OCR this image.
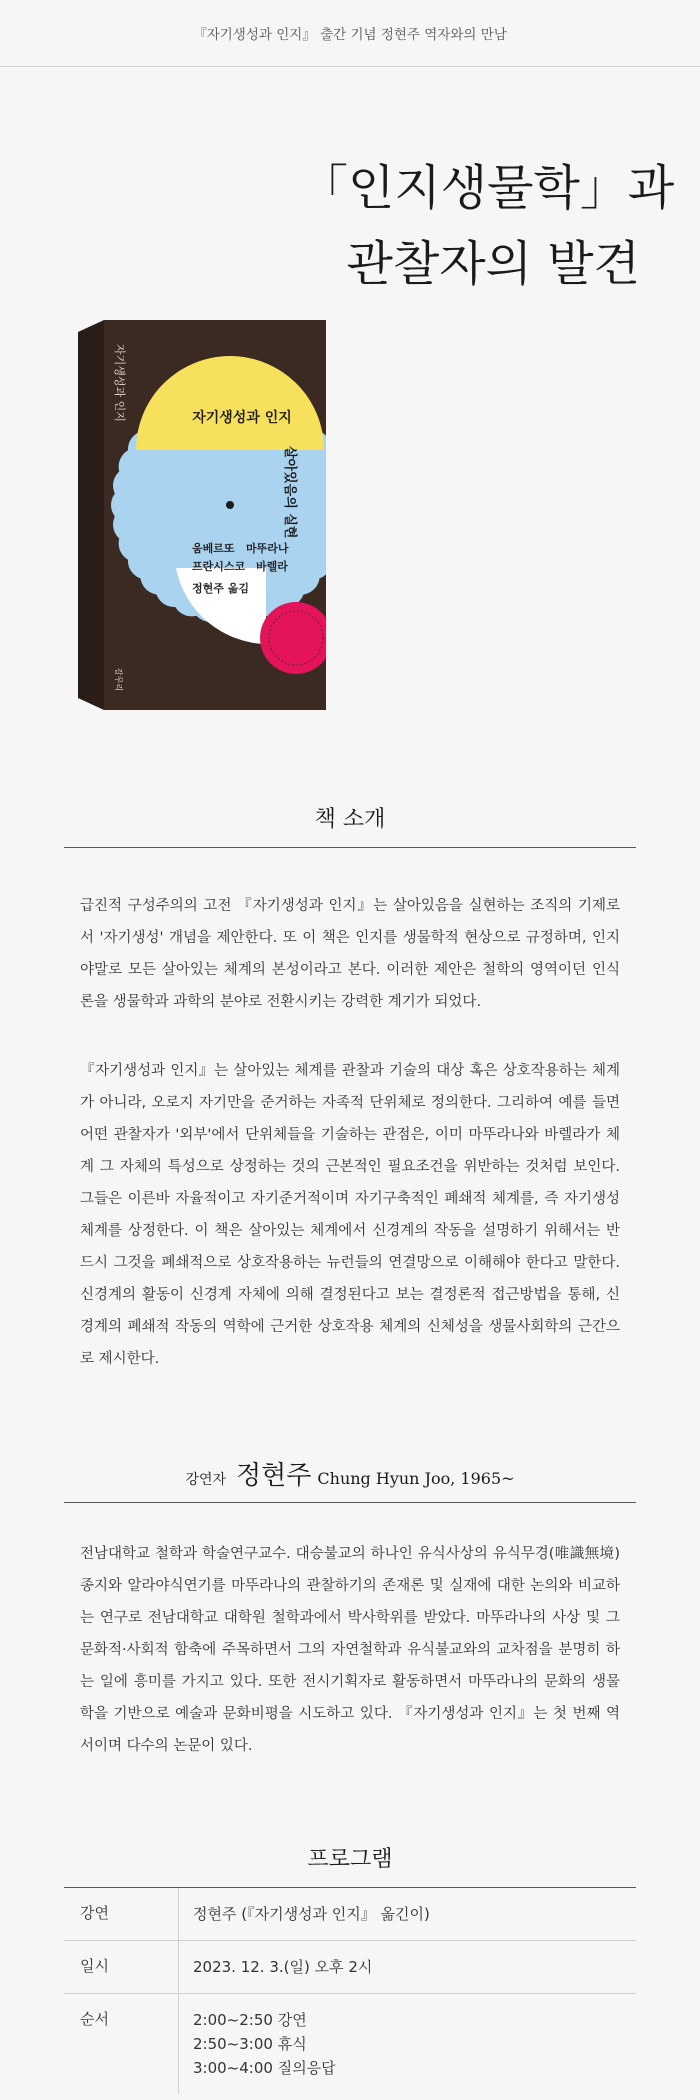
『자기생성과 인지』 출간 기념 정현주 역자와의 만남
「인지생물학」과
관찰자의 발견
자기생성과 인지
살아있음의 실현
움베르또 마뚜라나
프란시스코 바렐라
정현주 옮김
자기생성과 인지
갈무리
책 소개

급진적 구성주의의 고전 『자기생성과 인지』는 살아있음을 실현하는 조직의 기제로서 '자기생성' 개념을 제안한다. 또 이 책은 인지를 생물학적 현상으로 규정하며, 인지야말로 모든 살아있는 체계의 본성이라고 본다. 이러한 제안은 철학의 영역이던 인식론을 생물학과 과학의 분야로 전환시키는 강력한 계기가 되었다.

『자기생성과 인지』는 살아있는 체계를 관찰과 기술의 대상 혹은 상호작용하는 체계가 아니라, 오로지 자기만을 준거하는 자족적 단위체로 정의한다. 그리하여 예를 들면 어떤 관찰자가 '외부'에서 단위체들을 기술하는 관점은, 이미 마뚜라나와 바렐라가 체계 그 자체의 특성으로 상정하는 것의 근본적인 필요조건을 위반하는 것처럼 보인다. 그들은 이른바 자율적이고 자기준거적이며 자기구축적인 폐쇄적 체계를, 즉 자기생성체계를 상정한다. 이 책은 살아있는 체계에서 신경계의 작동을 설명하기 위해서는 반드시 그것을 폐쇄적으로 상호작용하는 뉴런들의 연결망으로 이해해야 한다고 말한다. 신경계의 활동이 신경계 자체에 의해 결정된다고 보는 결정론적 접근방법을 통해, 신경계의 폐쇄적 작동의 역학에 근거한 상호작용 체계의 신체성을 생물사회학의 근간으로 제시한다.

강연자 정현주 Chung Hyun Joo, 1965~

전남대학교 철학과 학술연구교수. 대승불교의 하나인 유식사상의 유식무경(唯識無境) 종지와 알라야식연기를 마뚜라나의 관찰하기의 존재론 및 실재에 대한 논의와 비교하는 연구로 전남대학교 대학원 철학과에서 박사학위를 받았다. 마뚜라나의 사상 및 그 문화적·사회적 함축에 주목하면서 그의 자연철학과 유식불교와의 교차점을 분명히 하는 일에 흥미를 가지고 있다. 또한 전시기획자로 활동하면서 마뚜라나의 문화의 생물학을 기반으로 예술과 문화비평을 시도하고 있다. 『자기생성과 인지』는 첫 번째 역서이며 다수의 논문이 있다.

프로그램
강연	정현주 (『자기생성과 인지』 옮긴이)
일시	2023. 12. 3.(일) 오후 2시
순서	2:00~2:50 강연
2:50~3:00 휴식
3:00~4:00 질의응답
